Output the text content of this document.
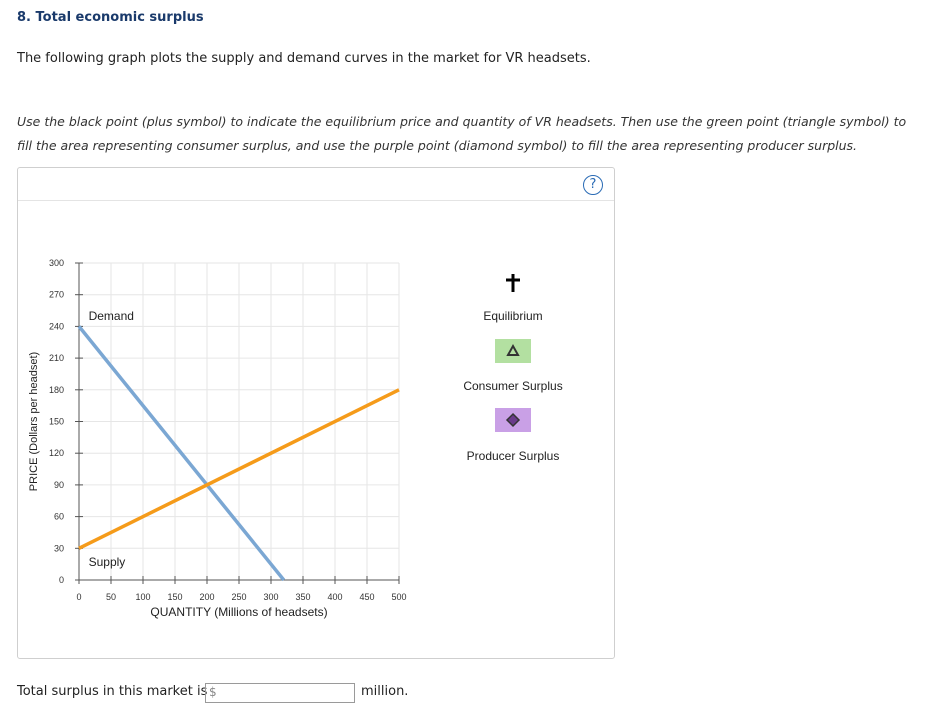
8. Total economic surplus
The following graph plots the supply and demand curves in the market for VR headsets.
Use the black point (plus symbol) to indicate the equilibrium price and quantity of VR headsets. Then use the green point (triangle symbol) to fill the area representing consumer surplus, and use the purple point (diamond symbol) to fill the area representing producer surplus.
?
0
30
60
90
120
150
180
210
240
270
300
0	50 100 150 200 250 300 350 400 450 500
QUANTITY (Millions of headsets)
PRICE (Dollars per headset)
Demand
Supply
Equilibrium
Consumer Surplus
Producer Surplus
Total surplus in this market is $	million.
